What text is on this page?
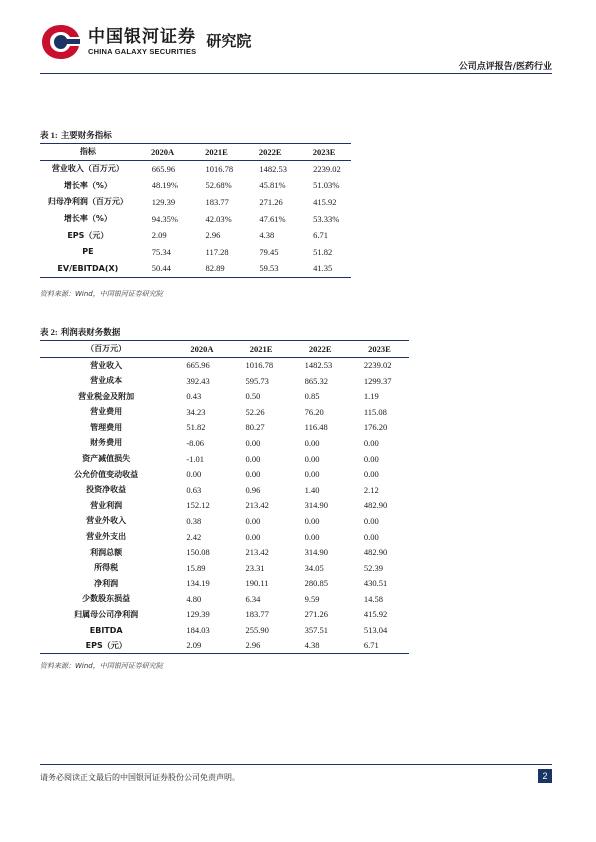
中国银河证券
CHINA GALAXY SECURITIES
研究院
公司点评报告/医药行业
表 1: 主要财务指标
指标	2020A	2021E	2022E	2023E
营业收入（百万元）	665.96	1016.78	1482.53	2239.02
增长率（%）	48.19%	52.68%	45.81%	51.03%
归母净利润（百万元）	129.39	183.77	271.26	415.92
增长率（%）	94.35%	42.03%	47.61%	53.33%
EPS（元）	2.09	2.96	4.38	6.71
PE	75.34	117.28	79.45	51.82
EV/EBITDA(X)	50.44	82.89	59.53	41.35
资料来源：Wind，中国银河证券研究院
表 2: 利润表财务数据
（百万元）	2020A	2021E	2022E	2023E
营业收入	665.96	1016.78	1482.53	2239.02
营业成本	392.43	595.73	865.32	1299.37
营业税金及附加	0.43	0.50	0.85	1.19
营业费用	34.23	52.26	76.20	115.08
管理费用	51.82	80.27	116.48	176.20
财务费用	-8.06	0.00	0.00	0.00
资产减值损失	-1.01	0.00	0.00	0.00
公允价值变动收益	0.00	0.00	0.00	0.00
投资净收益	0.63	0.96	1.40	2.12
营业利润	152.12	213.42	314.90	482.90
营业外收入	0.38	0.00	0.00	0.00
营业外支出	2.42	0.00	0.00	0.00
利润总额	150.08	213.42	314.90	482.90
所得税	15.89	23.31	34.05	52.39
净利润	134.19	190.11	280.85	430.51
少数股东损益	4.80	6.34	9.59	14.58
归属母公司净利润	129.39	183.77	271.26	415.92
EBITDA	184.03	255.90	357.51	513.04
EPS（元）	2.09	2.96	4.38	6.71
资料来源：Wind，中国银河证券研究院
请务必阅读正文最后的中国银河证券股份公司免责声明。	2
